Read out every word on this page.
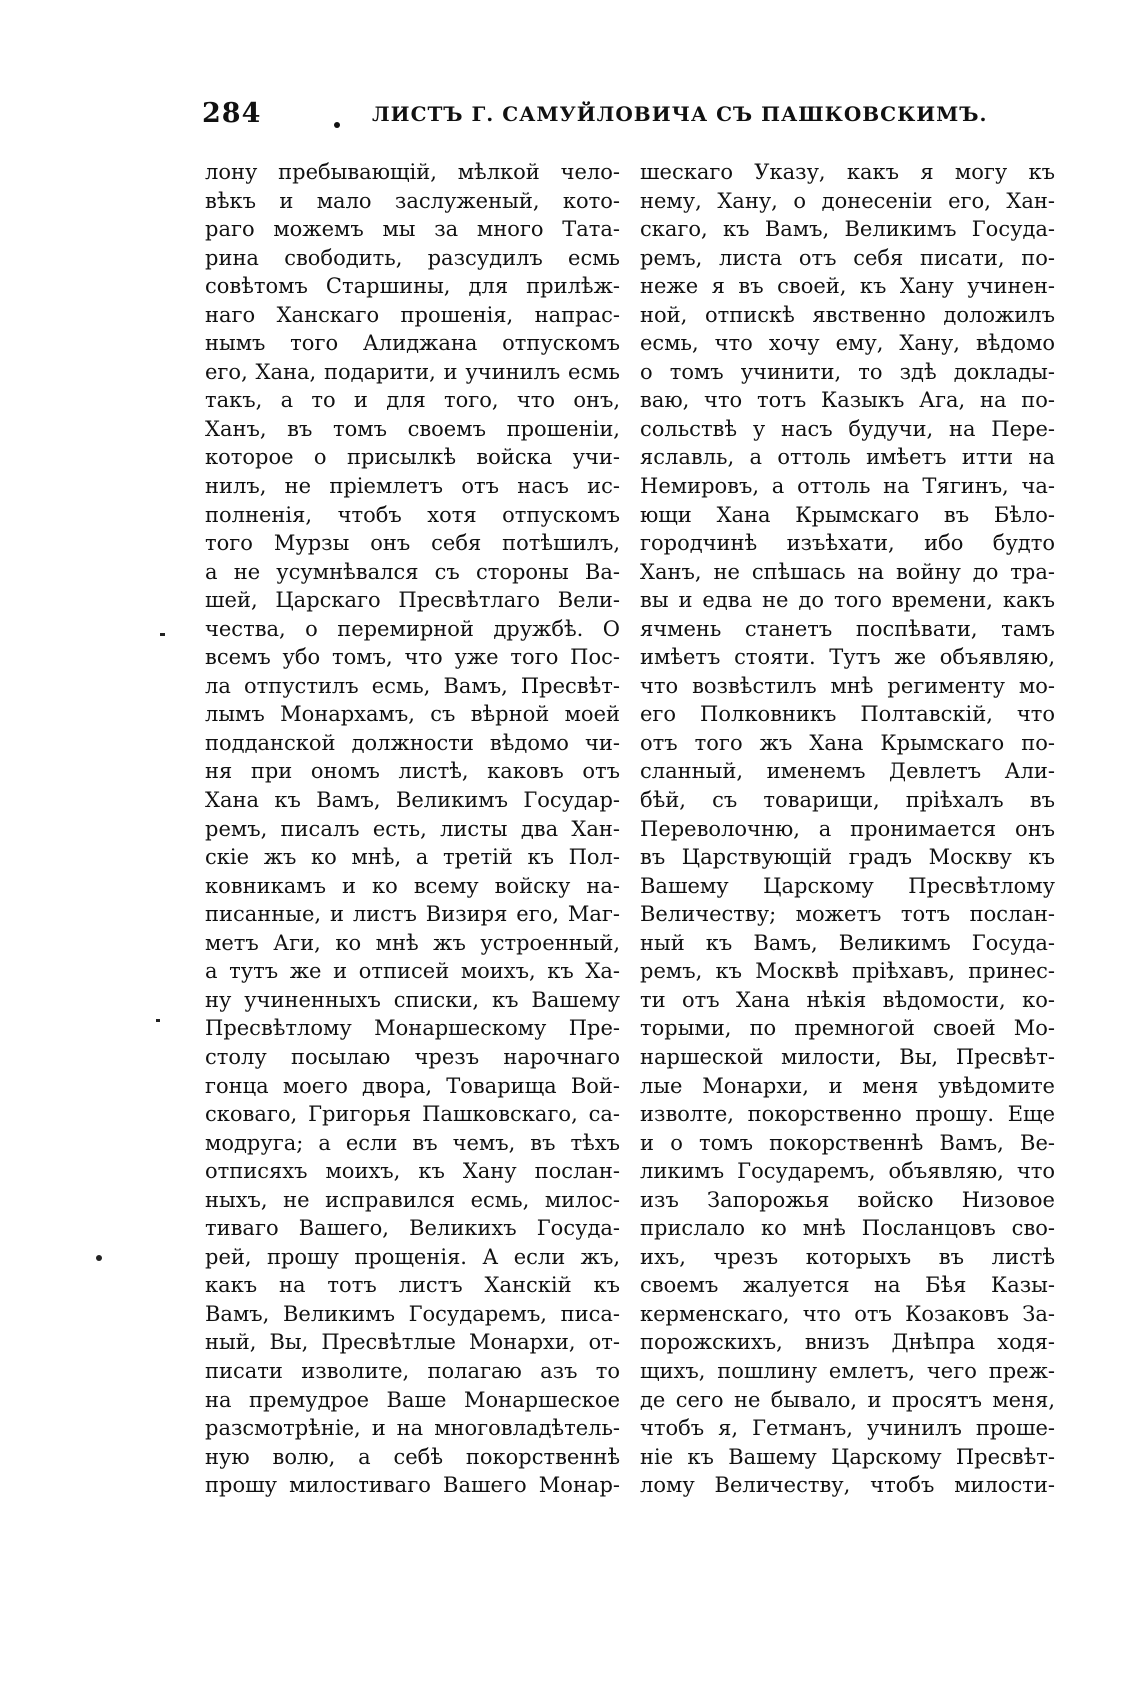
284	ЛИСТЪ Г. САМУЙЛОВИЧА СЪ ПАШКОВСКИМЪ.
лону пребывающій, мѣлкой чело-
вѣкъ и мало заслуженый, кото-
раго можемъ мы за много Тата-
рина свободить, разсудилъ есмь
совѣтомъ Старшины, для прилѣж-
наго Ханскаго прошенія, напрас-
нымъ того Алиджана отпускомъ
его, Хана, подарити, и учинилъ есмь
такъ, а то и для того, что онъ,
Ханъ, въ томъ своемъ прошеніи,
которое о присылкѣ войска учи-
нилъ, не пріемлетъ отъ насъ ис-
полненія, чтобъ хотя отпускомъ
того Мурзы онъ себя потѣшилъ,
а не усумнѣвался съ стороны Ва-
шей, Царскаго Пресвѣтлаго Вели-
чества, о перемирной дружбѣ. О
всемъ убо томъ, что уже того Пос-
ла отпустилъ есмь, Вамъ, Пресвѣт-
лымъ Монархамъ, съ вѣрной моей
подданской должности вѣдомо чи-
ня при ономъ листѣ, каковъ отъ
Хана къ Вамъ, Великимъ Государ-
ремъ, писалъ есть, листы два Хан-
скіе жъ ко мнѣ, а третій къ Пол-
ковникамъ и ко всему войску на-
писанные, и листъ Визиря его, Маг-
метъ Аги, ко мнѣ жъ устроенный,
а тутъ же и отписей моихъ, къ Ха-
ну учиненныхъ списки, къ Вашему
Пресвѣтлому Монаршескому Пре-
столу посылаю чрезъ нарочнаго
гонца моего двора, Товарища Вой-
сковаго, Григорья Пашковскаго, са-
модруга; а если въ чемъ, въ тѣхъ
отписяхъ моихъ, къ Хану послан-
ныхъ, не исправился есмь, милос-
тиваго Вашего, Великихъ Госуда-
рей, прошу прощенія. А если жъ,
какъ на тотъ листъ Ханскій къ
Вамъ, Великимъ Государемъ, писа-
ный, Вы, Пресвѣтлые Монархи, от-
писати изволите, полагаю азъ то
на премудрое Ваше Монаршеское
разсмотрѣніе, и на многовладѣтель-
ную волю, а себѣ покорственнѣ
прошу милостиваго Вашего Монар-
шескаго Указу, какъ я могу къ
нему, Хану, о донесеніи его, Хан-
скаго, къ Вамъ, Великимъ Госуда-
ремъ, листа отъ себя писати, по-
неже я въ своей, къ Хану учинен-
ной, отпискѣ явственно доложилъ
есмь, что хочу ему, Хану, вѣдомо
о томъ учинити, то здѣ доклады-
ваю, что тотъ Казыкъ Ага, на по-
сольствѣ у насъ будучи, на Пере-
яславль, а оттоль имѣетъ итти на
Немировъ, а оттоль на Тягинъ, ча-
ющи Хана Крымскаго въ Бѣло-
городчинѣ изъѣхати, ибо будто
Ханъ, не спѣшась на войну до тра-
вы и едва не до того времени, какъ
ячмень станетъ поспѣвати, тамъ
имѣетъ стояти. Тутъ же объявляю,
что возвѣстилъ мнѣ регименту мо-
его Полковникъ Полтавскій, что
отъ того жъ Хана Крымскаго по-
сланный, именемъ Девлетъ Али-
бѣй, съ товарищи, пріѣхалъ въ
Переволочню, а пронимается онъ
въ Царствующій градъ Москву къ
Вашему Царскому Пресвѣтлому
Величеству; можетъ тотъ послан-
ный къ Вамъ, Великимъ Госуда-
ремъ, къ Москвѣ пріѣхавъ, принес-
ти отъ Хана нѣкія вѣдомости, ко-
торыми, по премногой своей Мо-
наршеской милости, Вы, Пресвѣт-
лые Монархи, и меня увѣдомите
изволте, покорственно прошу. Еще
и о томъ покорственнѣ Вамъ, Ве-
ликимъ Государемъ, объявляю, что
изъ Запорожья войско Низовое
прислало ко мнѣ Посланцовъ сво-
ихъ, чрезъ которыхъ въ листѣ
своемъ жалуется на Бѣя Казы-
керменскаго, что отъ Козаковъ За-
порожскихъ, внизъ Днѣпра ходя-
щихъ, пошлину емлетъ, чего преж-
де сего не бывало, и просятъ меня,
чтобъ я, Гетманъ, учинилъ проше-
ніе къ Вашему Царскому Пресвѣт-
лому Величеству, чтобъ милости-
